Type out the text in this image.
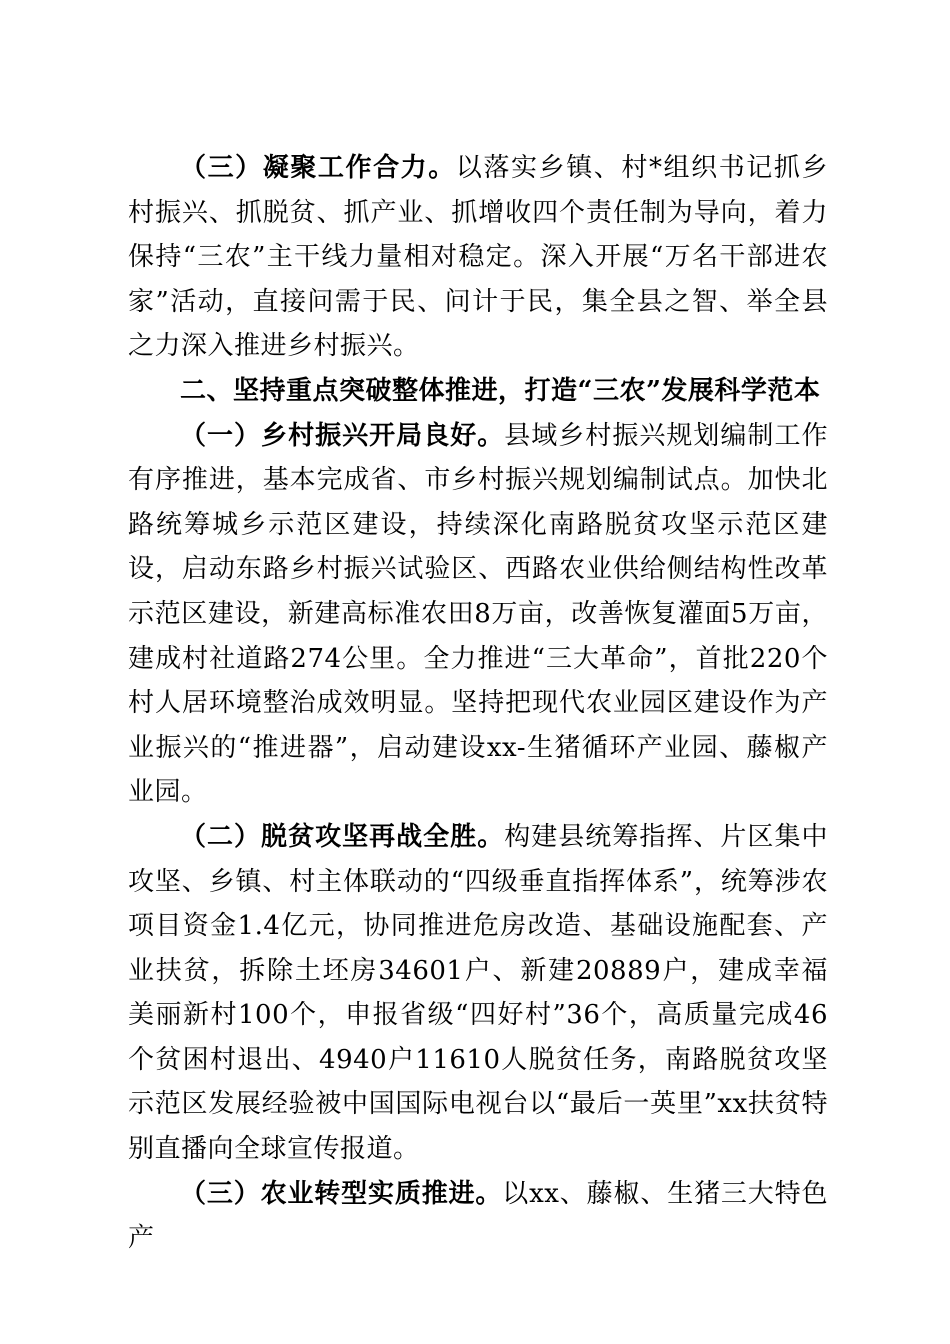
（三）凝聚工作合力。以落实乡镇、村*组织书记抓乡村振兴、抓脱贫、抓产业、抓增收四个责任制为导向，着力保持“三农”主干线力量相对稳定。深入开展“万名干部进农家”活动，直接问需于民、问计于民，集全县之智、举全县之力深入推进乡村振兴。

二、坚持重点突破整体推进，打造“三农”发展科学范本

（一）乡村振兴开局良好。县域乡村振兴规划编制工作有序推进，基本完成省、市乡村振兴规划编制试点。加快北路统筹城乡示范区建设，持续深化南路脱贫攻坚示范区建设，启动东路乡村振兴试验区、西路农业供给侧结构性改革示范区建设，新建高标准农田8万亩，改善恢复灌面5万亩，建成村社道路274公里。全力推进“三大革命”，首批220个村人居环境整治成效明显。坚持把现代农业园区建设作为产业振兴的“推进器”，启动建设xx-生猪循环产业园、藤椒产业园。

（二）脱贫攻坚再战全胜。构建县统筹指挥、片区集中攻坚、乡镇、村主体联动的“四级垂直指挥体系”，统筹涉农项目资金1.4亿元，协同推进危房改造、基础设施配套、产业扶贫，拆除土坯房34601户、新建20889户，建成幸福美丽新村100个，申报省级“四好村”36个，高质量完成46个贫困村退出、4940户11610人脱贫任务，南路脱贫攻坚示范区发展经验被中国国际电视台以“最后一英里”xx扶贫特别直播向全球宣传报道。

（三）农业转型实质推进。以xx、藤椒、生猪三大特色产
